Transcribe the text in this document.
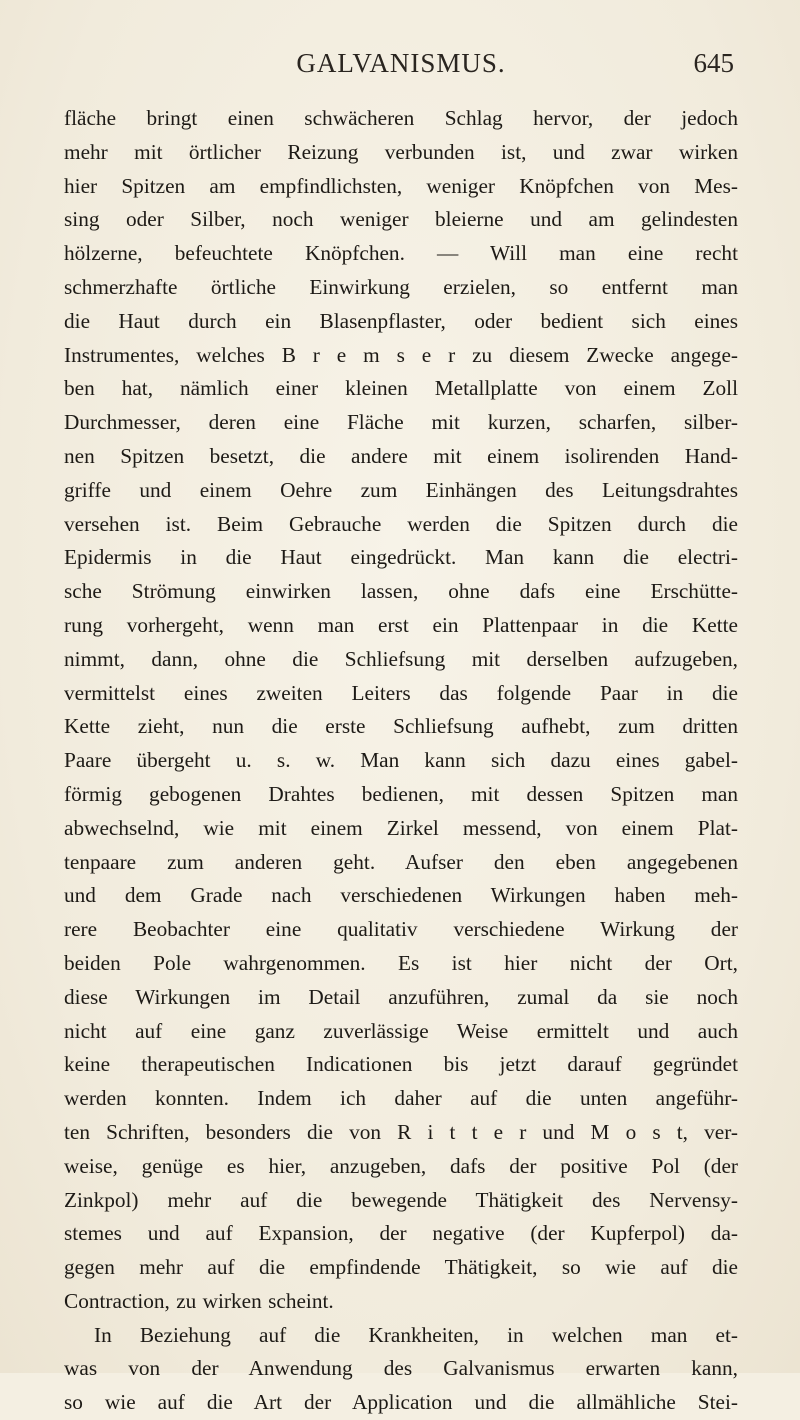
GALVANISMUS.	645
fläche bringt einen schwächeren Schlag hervor, der jedoch
mehr mit örtlicher Reizung verbunden ist, und zwar wirken
hier Spitzen am empfindlichsten, weniger Knöpfchen von Mes-
sing oder Silber, noch weniger bleierne und am gelindesten
hölzerne, befeuchtete Knöpfchen. — Will man eine recht
schmerzhafte örtliche Einwirkung erzielen, so entfernt man
die Haut durch ein Blasenpflaster, oder bedient sich eines
Instrumentes, welches B r e m s e r zu diesem Zwecke angege-
ben hat, nämlich einer kleinen Metallplatte von einem Zoll
Durchmesser, deren eine Fläche mit kurzen, scharfen, silber-
nen Spitzen besetzt, die andere mit einem isolirenden Hand-
griffe und einem Oehre zum Einhängen des Leitungsdrahtes
versehen ist. Beim Gebrauche werden die Spitzen durch die
Epidermis in die Haut eingedrückt. Man kann die electri-
sche Strömung einwirken lassen, ohne dafs eine Erschütte-
rung vorhergeht, wenn man erst ein Plattenpaar in die Kette
nimmt, dann, ohne die Schliefsung mit derselben aufzugeben,
vermittelst eines zweiten Leiters das folgende Paar in die
Kette zieht, nun die erste Schliefsung aufhebt, zum dritten
Paare übergeht u. s. w. Man kann sich dazu eines gabel-
förmig gebogenen Drahtes bedienen, mit dessen Spitzen man
abwechselnd, wie mit einem Zirkel messend, von einem Plat-
tenpaare zum anderen geht. Aufser den eben angegebenen
und dem Grade nach verschiedenen Wirkungen haben meh-
rere Beobachter eine qualitativ verschiedene Wirkung der
beiden Pole wahrgenommen. Es ist hier nicht der Ort,
diese Wirkungen im Detail anzuführen, zumal da sie noch
nicht auf eine ganz zuverlässige Weise ermittelt und auch
keine therapeutischen Indicationen bis jetzt darauf gegründet
werden konnten. Indem ich daher auf die unten angeführ-
ten Schriften, besonders die von R i t t e r und M o s t, ver-
weise, genüge es hier, anzugeben, dafs der positive Pol (der
Zinkpol) mehr auf die bewegende Thätigkeit des Nervensy-
stemes und auf Expansion, der negative (der Kupferpol) da-
gegen mehr auf die empfindende Thätigkeit, so wie auf die
Contraction, zu wirken scheint.
In Beziehung auf die Krankheiten, in welchen man et-
was von der Anwendung des Galvanismus erwarten kann,
so wie auf die Art der Application und die allmähliche Stei-
